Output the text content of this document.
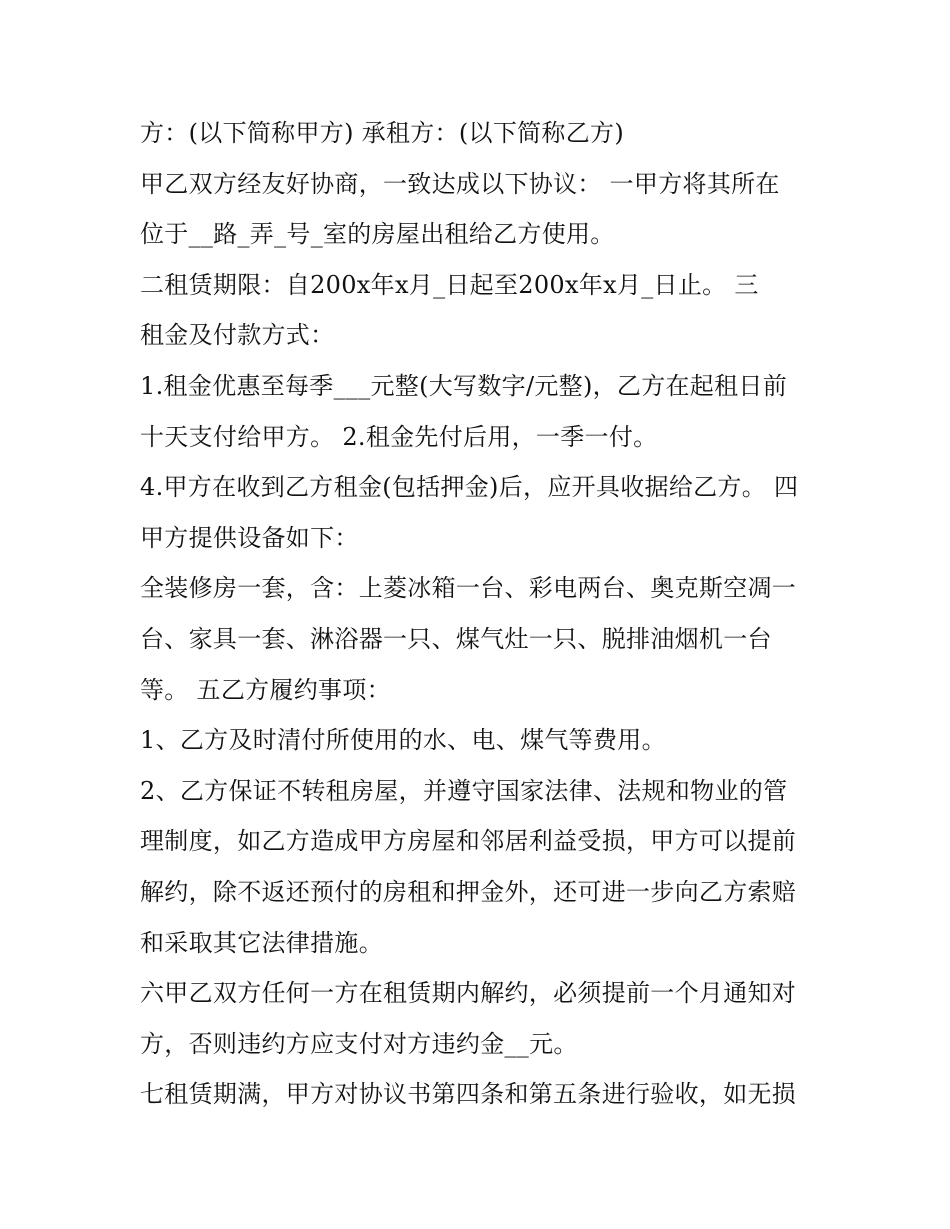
方：(以下简称甲方) 承租方：(以下简称乙方)
甲乙双方经友好协商，一致达成以下协议： 一甲方将其所在
位于__路_弄_号_室的房屋出租给乙方使用。
二租赁期限：自200x年x月_日起至200x年x月_日止。 三
租金及付款方式：
1.租金优惠至每季___元整(大写数字/元整)，乙方在起租日前
十天支付给甲方。 2.租金先付后用，一季一付。
4.甲方在收到乙方租金(包括押金)后，应开具收据给乙方。 四
甲方提供设备如下：
全装修房一套，含：上菱冰箱一台、彩电两台、奥克斯空凋一
台、家具一套、淋浴器一只、煤气灶一只、脱排油烟机一台
等。 五乙方履约事项：
1、乙方及时清付所使用的水、电、煤气等费用。
2、乙方保证不转租房屋，并遵守国家法律、法规和物业的管
理制度，如乙方造成甲方房屋和邻居利益受损，甲方可以提前
解约，除不返还预付的房租和押金外，还可进一步向乙方索赔
和采取其它法律措施。
六甲乙双方任何一方在租赁期内解约，必须提前一个月通知对
方，否则违约方应支付对方违约金__元。
七租赁期满，甲方对协议书第四条和第五条进行验收，如无损
